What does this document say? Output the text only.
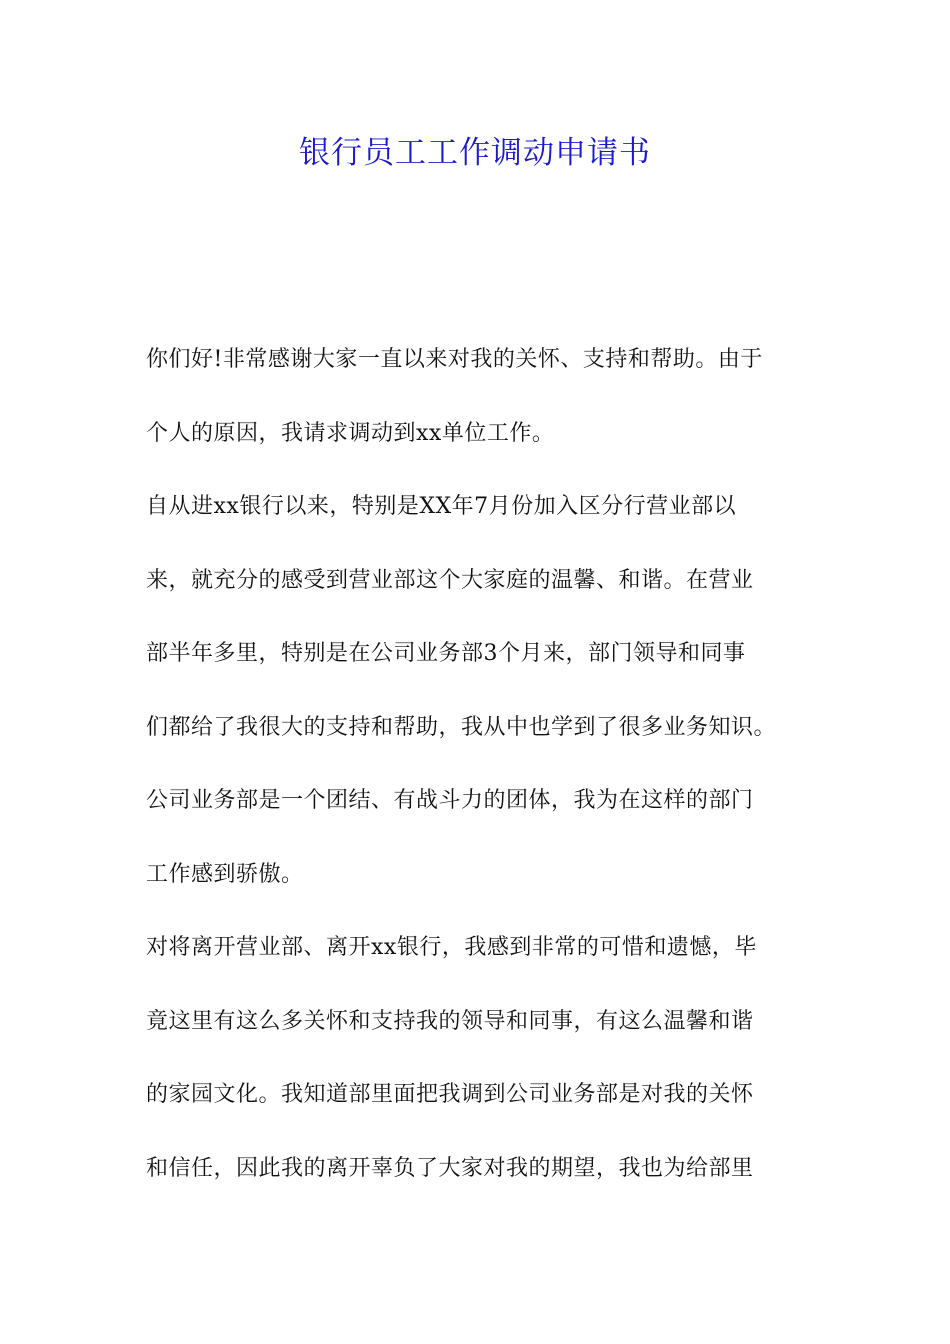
银行员工工作调动申请书
你们好!非常感谢大家一直以来对我的关怀、支持和帮助。由于
个人的原因，我请求调动到xx单位工作。
自从进xx银行以来，特别是XX年7月份加入区分行营业部以
来，就充分的感受到营业部这个大家庭的温馨、和谐。在营业
部半年多里，特别是在公司业务部3个月来，部门领导和同事
们都给了我很大的支持和帮助，我从中也学到了很多业务知识。
公司业务部是一个团结、有战斗力的团体，我为在这样的部门
工作感到骄傲。
对将离开营业部、离开xx银行，我感到非常的可惜和遗憾，毕
竟这里有这么多关怀和支持我的领导和同事，有这么温馨和谐
的家园文化。我知道部里面把我调到公司业务部是对我的关怀
和信任，因此我的离开辜负了大家对我的期望，我也为给部里
